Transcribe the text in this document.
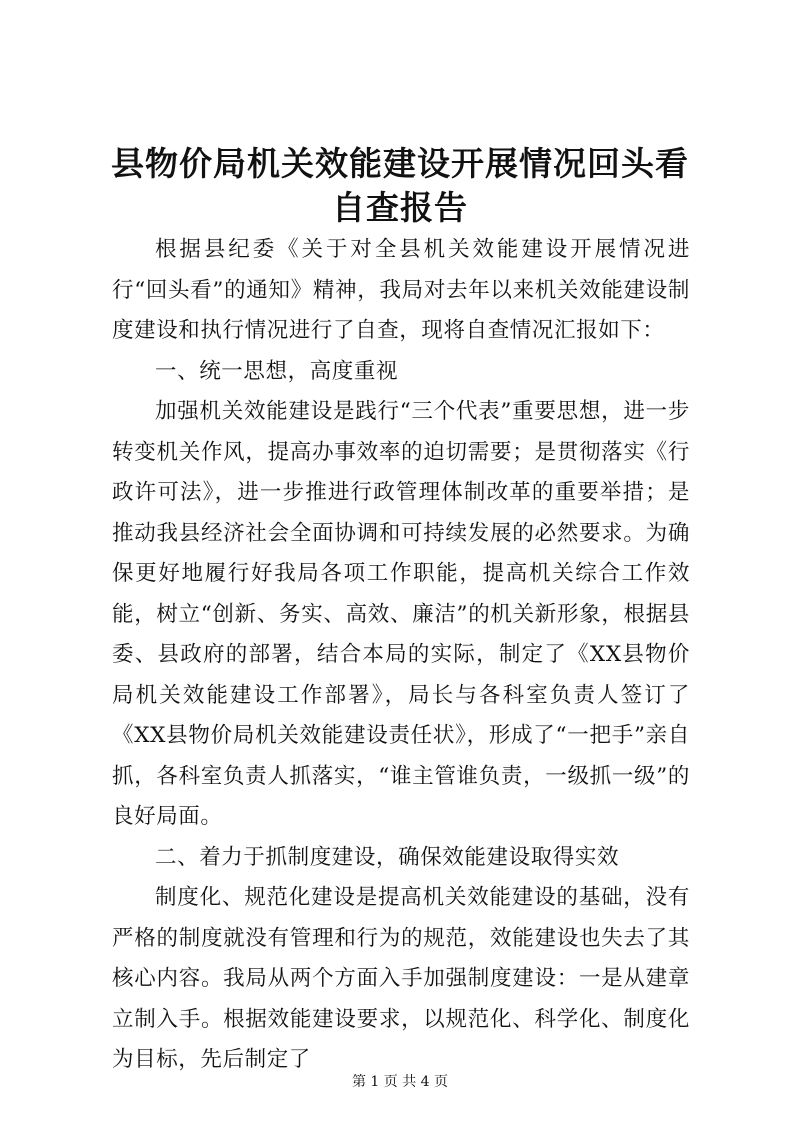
县物价局机关效能建设开展情况回头看自查报告

根据县纪委《关于对全县机关效能建设开展情况进行“回头看”的通知》精神，我局对去年以来机关效能建设制度建设和执行情况进行了自查，现将自查情况汇报如下：

一、统一思想，高度重视

加强机关效能建设是践行“三个代表”重要思想，进一步转变机关作风，提高办事效率的迫切需要；是贯彻落实《行政许可法》，进一步推进行政管理体制改革的重要举措；是推动我县经济社会全面协调和可持续发展的必然要求。为确保更好地履行好我局各项工作职能，提高机关综合工作效能，树立“创新、务实、高效、廉洁”的机关新形象，根据县委、县政府的部署，结合本局的实际，制定了《XX县物价局机关效能建设工作部署》，局长与各科室负责人签订了《XX县物价局机关效能建设责任状》，形成了“一把手”亲自抓，各科室负责人抓落实，“谁主管谁负责，一级抓一级”的良好局面。

二、着力于抓制度建设，确保效能建设取得实效

制度化、规范化建设是提高机关效能建设的基础，没有严格的制度就没有管理和行为的规范，效能建设也失去了其核心内容。我局从两个方面入手加强制度建设：一是从建章立制入手。根据效能建设要求，以规范化、科学化、制度化为目标，先后制定了

第 1 页 共 4 页
